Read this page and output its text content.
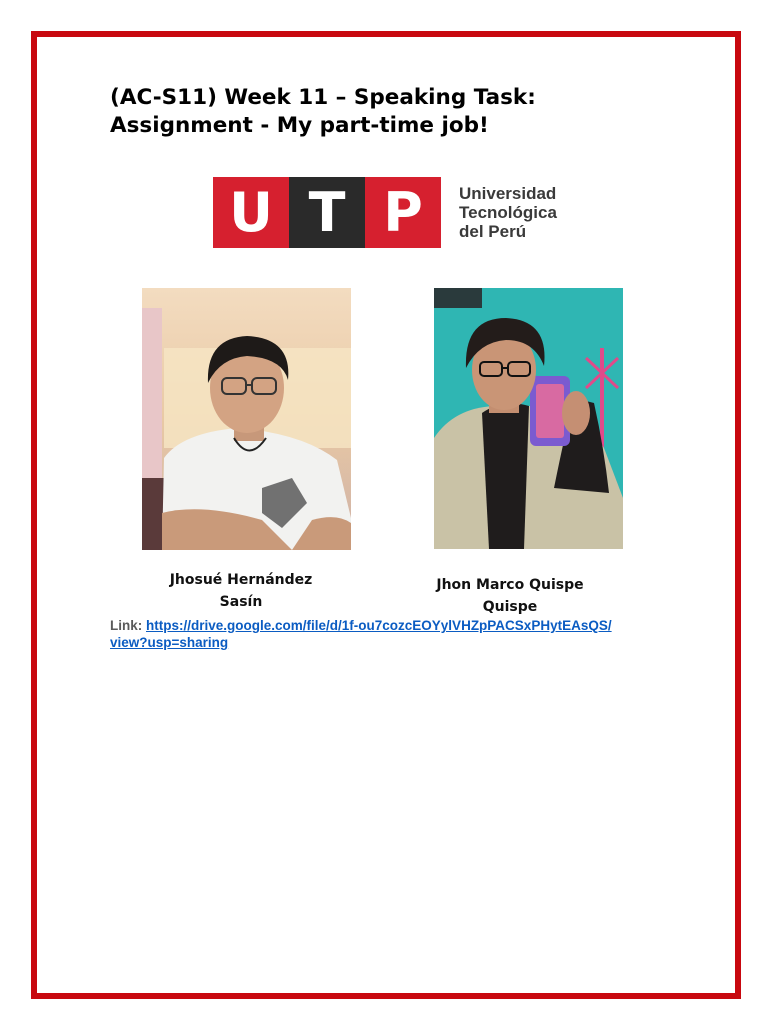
(AC-S11) Week 11 – Speaking Task:
Assignment - My part-time job!
U T P	Universidad
Tecnológica
del Perú

Jhosué Hernández
Sasín

Jhon Marco Quispe
Quispe

Link: https://drive.google.com/file/d/1f-ou7cozcEOYylVHZpPACSxPHytEAsQS/
view?usp=sharing
